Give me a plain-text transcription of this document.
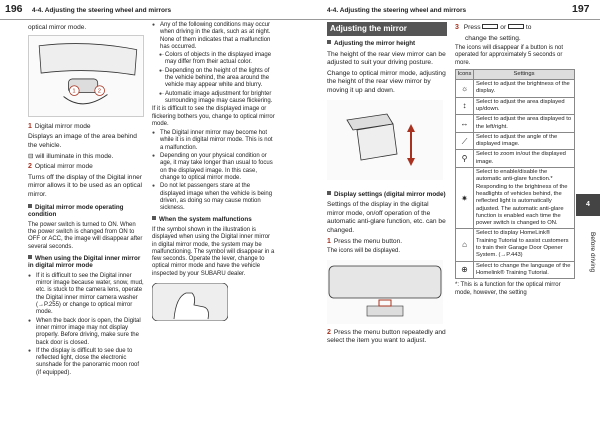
196 4-4. Adjusting the steering wheel and mirrors	4-4. Adjusting the steering wheel and mirrors	197

optical mirror mode.

1	2

1 Digital mirror mode

Displays an image of the area behind the vehicle.

⊟ will illuminate in this mode.

2 Optical mirror mode

Turns off the display of the Digital inner mirror allows it to be used as an optical mirror.

Digital mirror mode operating condition

The power switch is turned to ON. When the power switch is changed from ON to OFF or ACC, the image will disappear after several seconds.

When using the Digital inner mirror in digital mirror mode
●
If it is difficult to see the Digital inner mirror image because water, snow, mud, etc. is stuck to the camera lens, operate the Digital inner mirror camera washer (→P.255) or change to optical mirror mode.
●
When the back door is open, the Digital inner mirror image may not display properly. Before driving, make sure the back door is closed.
●
If the display is difficult to see due to reflected light, close the electronic sunshade for the panoramic moon roof (if equipped).
●
Any of the following conditions may occur when driving in the dark, such as at night. None of them indicates that a malfunction has occurred.
● · Colors of objects in the displayed image may differ from their actual color.
● · Depending on the height of the lights of the vehicle behind, the area around the vehicle may appear white and blurry.
● · Automatic image adjustment for brighter surrounding image may cause flickering.

If it is difficult to see the displayed image or flickering bothers you, change to optical mirror mode.

●
The Digital inner mirror may become hot while it is in digital mirror mode. This is not a malfunction.
●
Depending on your physical condition or age, it may take longer than usual to focus on the displayed image. In this case, change to optical mirror mode.
●
Do not let passengers stare at the displayed image when the vehicle is being driven, as doing so may cause motion sickness.
When the system malfunctions

If the symbol shown in the illustration is displayed when using the Digital inner mirror in digital mirror mode, the system may be malfunctioning. The symbol will disappear in a few seconds. Operate the lever, change to optical mirror mode and have the vehicle inspected by your SUBARU dealer.

Adjusting the mirror
Adjusting the mirror height

The height of the rear view mirror can be adjusted to suit your driving posture.

Change to optical mirror mode, adjusting the height of the rear view mirror by moving it up and down.

Display settings (digital mirror mode)

Settings of the display in the digital mirror mode, on/off operation of the automatic anti-glare function, etc. can be changed.

1 Press the menu button.

The icons will be displayed.

2 Press the menu button repeatedly and select the item you want to adjust.

3 Press	or	to

change the setting.

The icons will disappear if a button is not operated for approximately 5 seconds or more.

Icons	Settings
☼	Select to adjust the brightness of the display.
↕	Select to adjust the area displayed up/down.
↔	Select to adjust the area displayed to the left/right.
⟋	Select to adjust the angle of the displayed image.
⚲	Select to zoom in/out the displayed image.
✷	Select to enable/disable the automatic anti-glare function.* Responding to the brightness of the headlights of vehicles behind, the reflected light is automatically adjusted. The automatic anti-glare function is enabled each time the power switch is changed to ON.
⌂	Select to display HomeLink® Training Tutorial to assist customers to train their Garage Door Opener System. (→P.443)
⊕	Select to change the language of the Homelink® Training Tutorial.

*: This is a function for the optical mirror mode, however, the setting

4
Before driving
